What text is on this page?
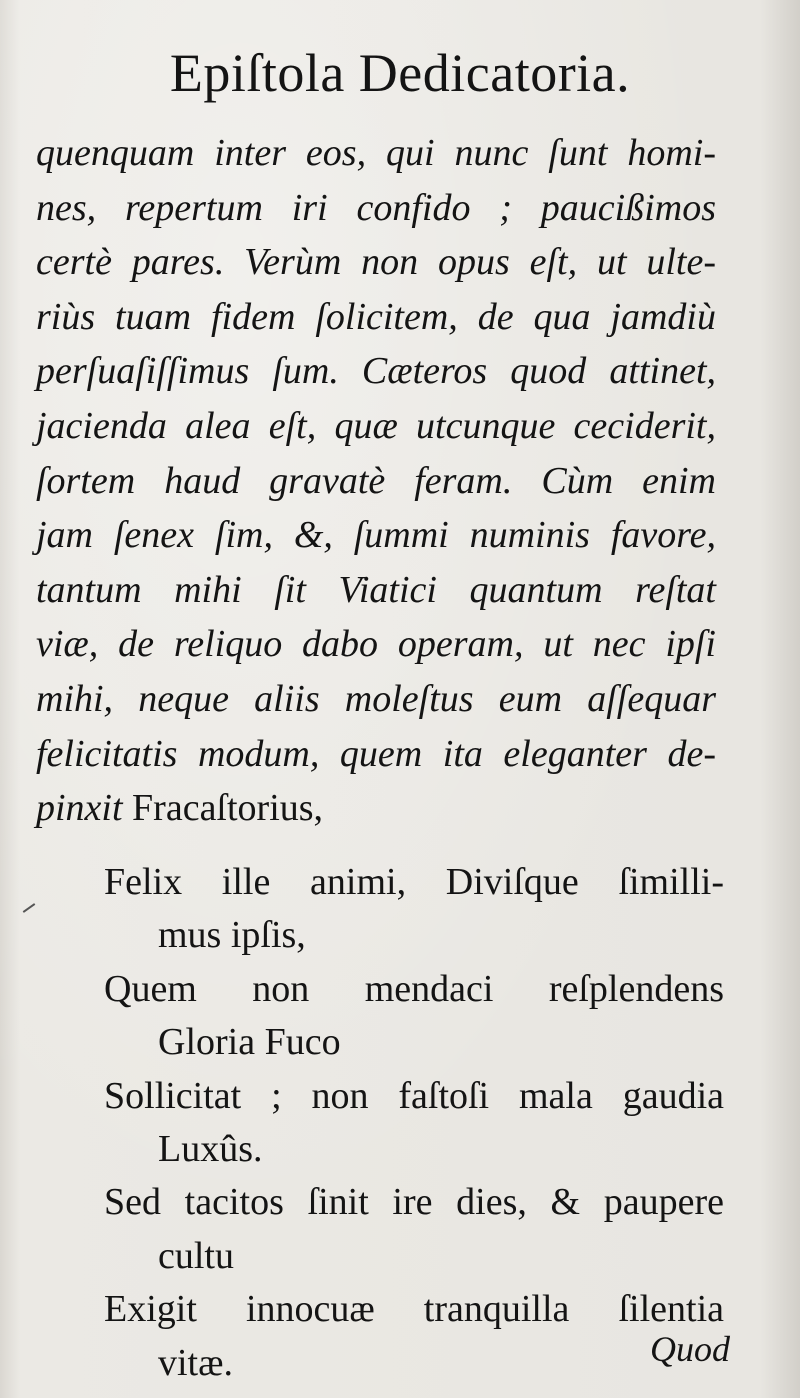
Epiſtola Dedicatoria.
quenquam inter eos, qui nunc ſunt homi-
nes, repertum iri confido ; paucißimos
certè pares. Verùm non opus eſt, ut ulte-
riùs tuam fidem ſolicitem, de qua jamdiù
perſuaſiſſimus ſum. Cæteros quod attinet,
jacienda alea eſt, quæ utcunque ceciderit,
ſortem haud gravatè feram. Cùm enim
jam ſenex ſim, &, ſummi numinis favore,
tantum mihi ſit Viatici quantum reſtat
viæ, de reliquo dabo operam, ut nec ipſi
mihi, neque aliis moleſtus eum aſſequar
felicitatis modum, quem ita eleganter de-
pinxit Fracaſtorius,
Felix ille animi, Diviſque ſimilli-
mus ipſis,
Quem non mendaci reſplendens
Gloria Fuco
Sollicitat ; non faſtoſi mala gaudia
Luxûs.
Sed tacitos ſinit ire dies, & paupere
cultu
Exigit innocuæ tranquilla ſilentia
vitæ.	Quod
